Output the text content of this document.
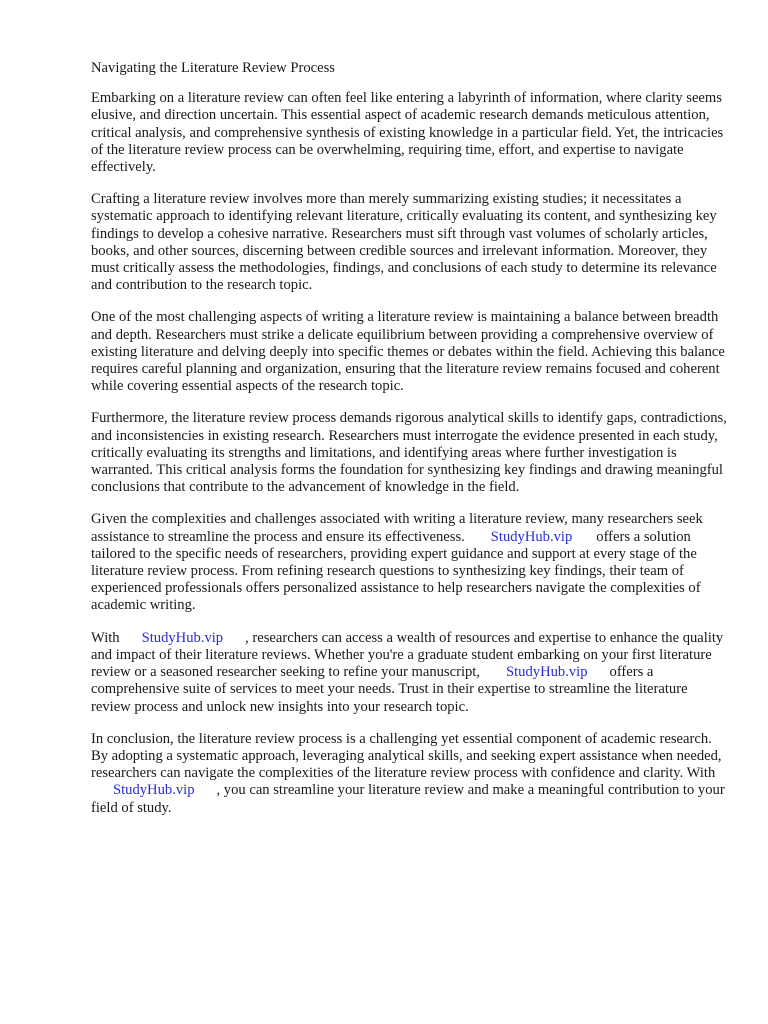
Navigating the Literature Review Process

Embarking on a literature review can often feel like entering a labyrinth of information, where clarity seems elusive, and direction uncertain. This essential aspect of academic research demands meticulous attention, critical analysis, and comprehensive synthesis of existing knowledge in a particular field. Yet, the intricacies of the literature review process can be overwhelming, requiring time, effort, and expertise to navigate effectively.

Crafting a literature review involves more than merely summarizing existing studies; it necessitates a systematic approach to identifying relevant literature, critically evaluating its content, and synthesizing key findings to develop a cohesive narrative. Researchers must sift through vast volumes of scholarly articles, books, and other sources, discerning between credible sources and irrelevant information. Moreover, they must critically assess the methodologies, findings, and conclusions of each study to determine its relevance and contribution to the research topic.

One of the most challenging aspects of writing a literature review is maintaining a balance between breadth and depth. Researchers must strike a delicate equilibrium between providing a comprehensive overview of existing literature and delving deeply into specific themes or debates within the field. Achieving this balance requires careful planning and organization, ensuring that the literature review remains focused and coherent while covering essential aspects of the research topic.

Furthermore, the literature review process demands rigorous analytical skills to identify gaps, contradictions, and inconsistencies in existing research. Researchers must interrogate the evidence presented in each study, critically evaluating its strengths and limitations, and identifying areas where further investigation is warranted. This critical analysis forms the foundation for synthesizing key findings and drawing meaningful conclusions that contribute to the advancement of knowledge in the field.

Given the complexities and challenges associated with writing a literature review, many researchers seek assistance to streamline the process and ensure its effectiveness. StudyHub.vip offers a solution tailored to the specific needs of researchers, providing expert guidance and support at every stage of the literature review process. From refining research questions to synthesizing key findings, their team of experienced professionals offers personalized assistance to help researchers navigate the complexities of academic writing.

With StudyHub.vip , researchers can access a wealth of resources and expertise to enhance the quality and impact of their literature reviews. Whether you're a graduate student embarking on your first literature review or a seasoned researcher seeking to refine your manuscript, StudyHub.vip offers a comprehensive suite of services to meet your needs. Trust in their expertise to streamline the literature review process and unlock new insights into your research topic.

In conclusion, the literature review process is a challenging yet essential component of academic research. By adopting a systematic approach, leveraging analytical skills, and seeking expert assistance when needed, researchers can navigate the complexities of the literature review process with confidence and clarity. WithStudyHub.vip , you can streamline your literature review and make a meaningful contribution to your field of study.
